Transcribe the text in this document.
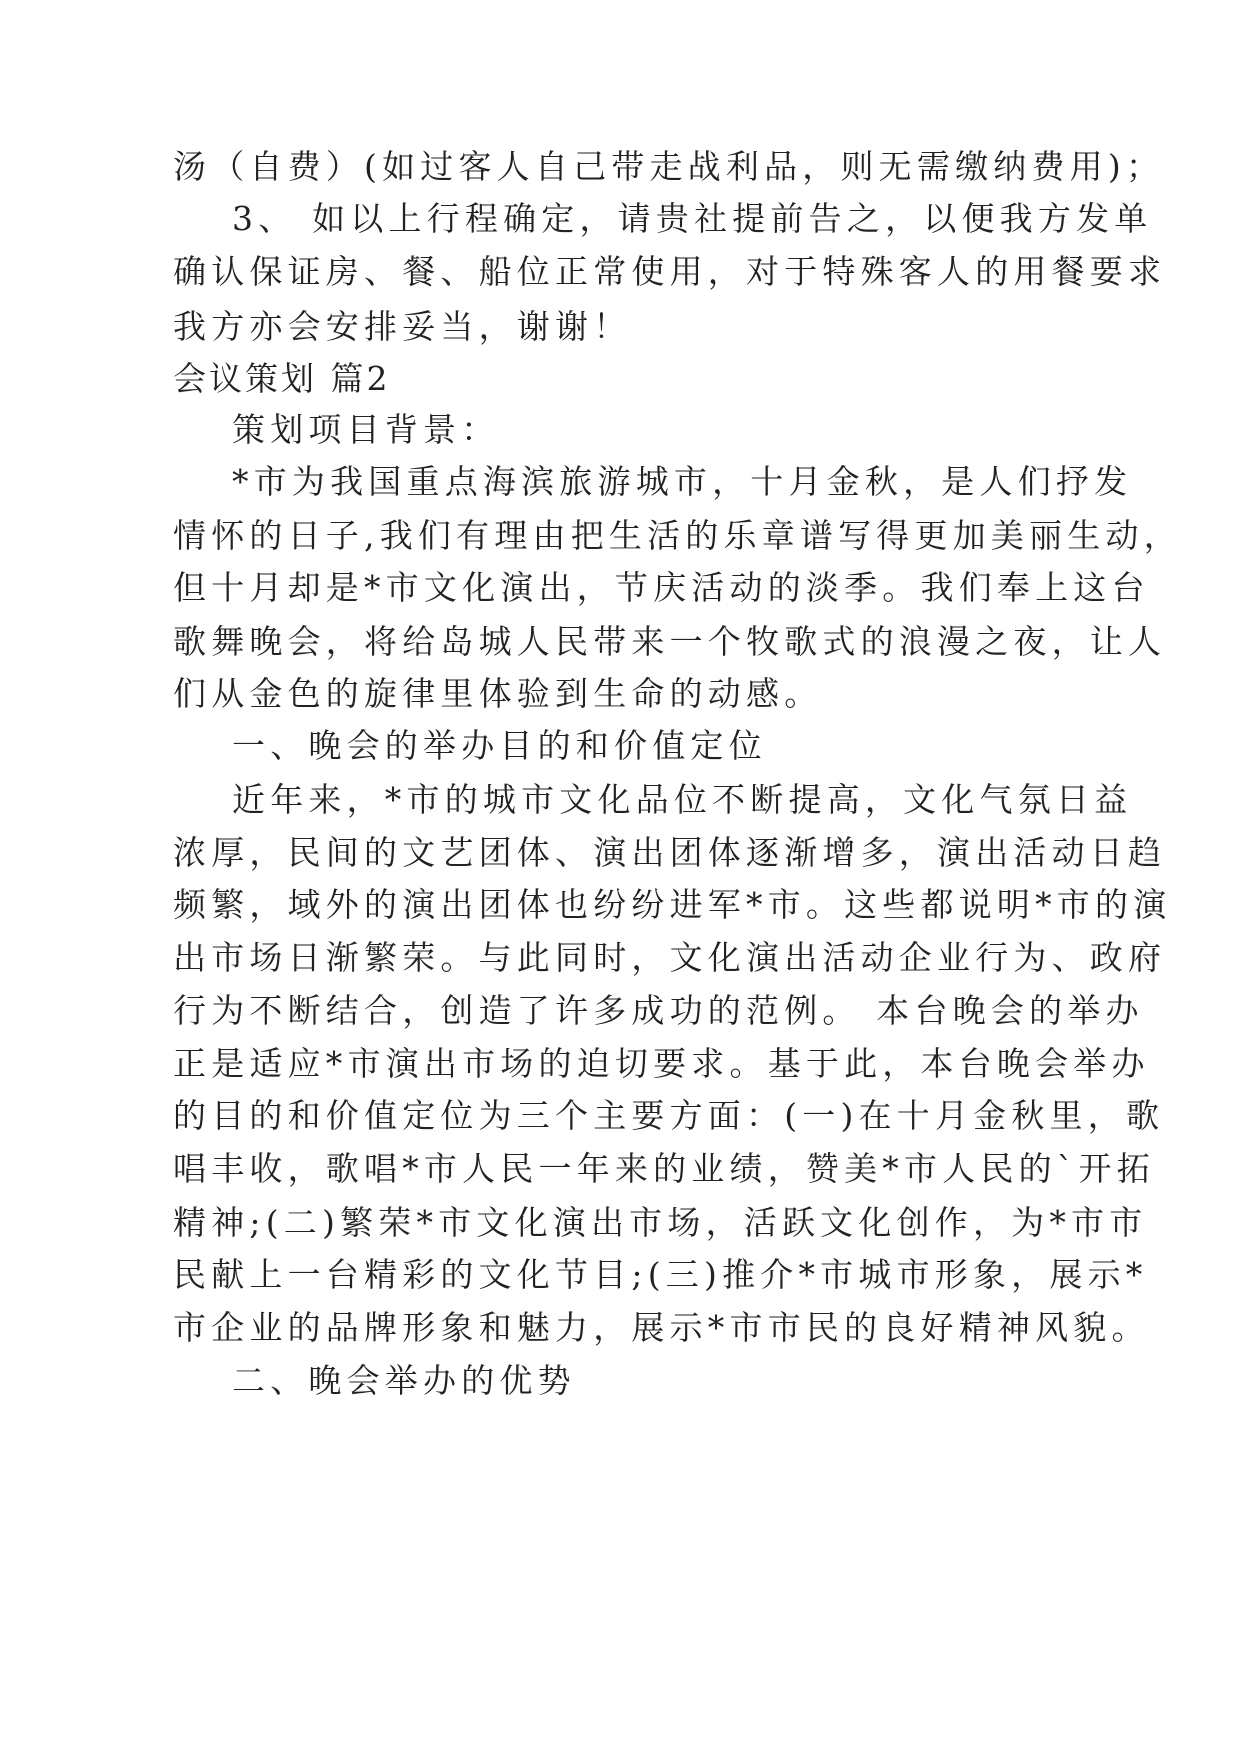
汤（自费）(如过客人自己带走战利品，则无需缴纳费用)；
3、 如以上行程确定，请贵社提前告之，以便我方发单
确认保证房、餐、船位正常使用，对于特殊客人的用餐要求
我方亦会安排妥当，谢谢！
会议策划 篇2
策划项目背景：
*市为我国重点海滨旅游城市，十月金秋，是人们抒发
情怀的日子,我们有理由把生活的乐章谱写得更加美丽生动，
但十月却是*市文化演出，节庆活动的淡季。我们奉上这台
歌舞晚会，将给岛城人民带来一个牧歌式的浪漫之夜，让人
们从金色的旋律里体验到生命的动感。
一、晚会的举办目的和价值定位
近年来，*市的城市文化品位不断提高，文化气氛日益
浓厚，民间的文艺团体、演出团体逐渐增多，演出活动日趋
频繁，域外的演出团体也纷纷进军*市。这些都说明*市的演
出市场日渐繁荣。与此同时，文化演出活动企业行为、政府
行为不断结合，创造了许多成功的范例。 本台晚会的举办
正是适应*市演出市场的迫切要求。基于此，本台晚会举办
的目的和价值定位为三个主要方面：(一)在十月金秋里，歌
唱丰收，歌唱*市人民一年来的业绩，赞美*市人民的`开拓
精神;(二)繁荣*市文化演出市场，活跃文化创作，为*市市
民献上一台精彩的文化节目;(三)推介*市城市形象，展示*
市企业的品牌形象和魅力，展示*市市民的良好精神风貌。
二、晚会举办的优势
